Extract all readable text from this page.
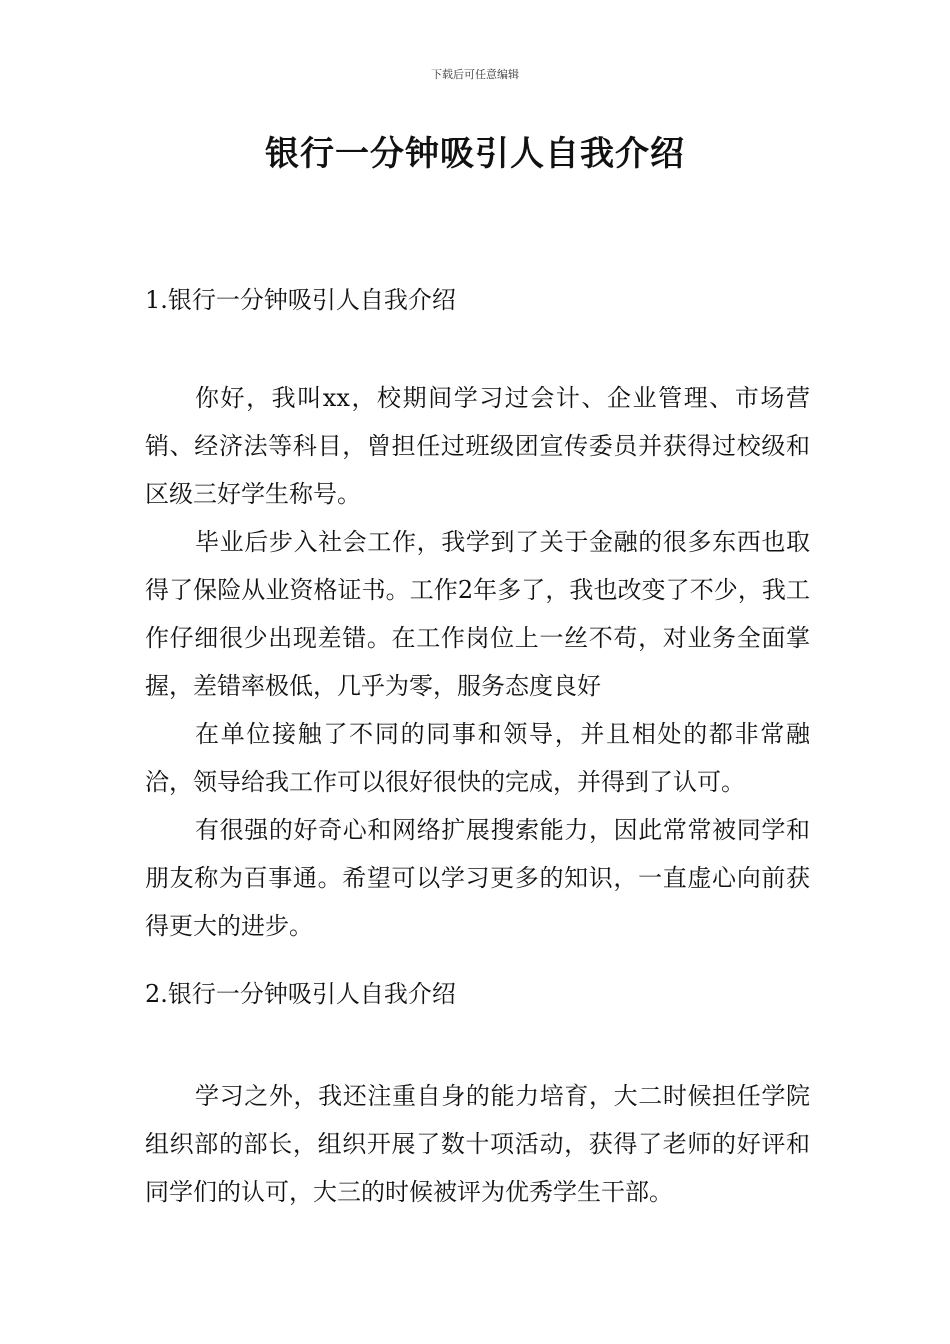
下载后可任意编辑
银行一分钟吸引人自我介绍
1.银行一分钟吸引人自我介绍

你好，我叫xx，校期间学习过会计、企业管理、市场营销、经济法等科目，曾担任过班级团宣传委员并获得过校级和区级三好学生称号。

毕业后步入社会工作，我学到了关于金融的很多东西也取得了保险从业资格证书。工作2年多了，我也改变了不少，我工作仔细很少出现差错。在工作岗位上一丝不苟，对业务全面掌握，差错率极低，几乎为零，服务态度良好

在单位接触了不同的同事和领导，并且相处的都非常融洽，领导给我工作可以很好很快的完成，并得到了认可。

有很强的好奇心和网络扩展搜索能力，因此常常被同学和朋友称为百事通。希望可以学习更多的知识，一直虚心向前获得更大的进步。

2.银行一分钟吸引人自我介绍

学习之外，我还注重自身的能力培育，大二时候担任学院组织部的部长，组织开展了数十项活动，获得了老师的好评和同学们的认可，大三的时候被评为优秀学生干部。
